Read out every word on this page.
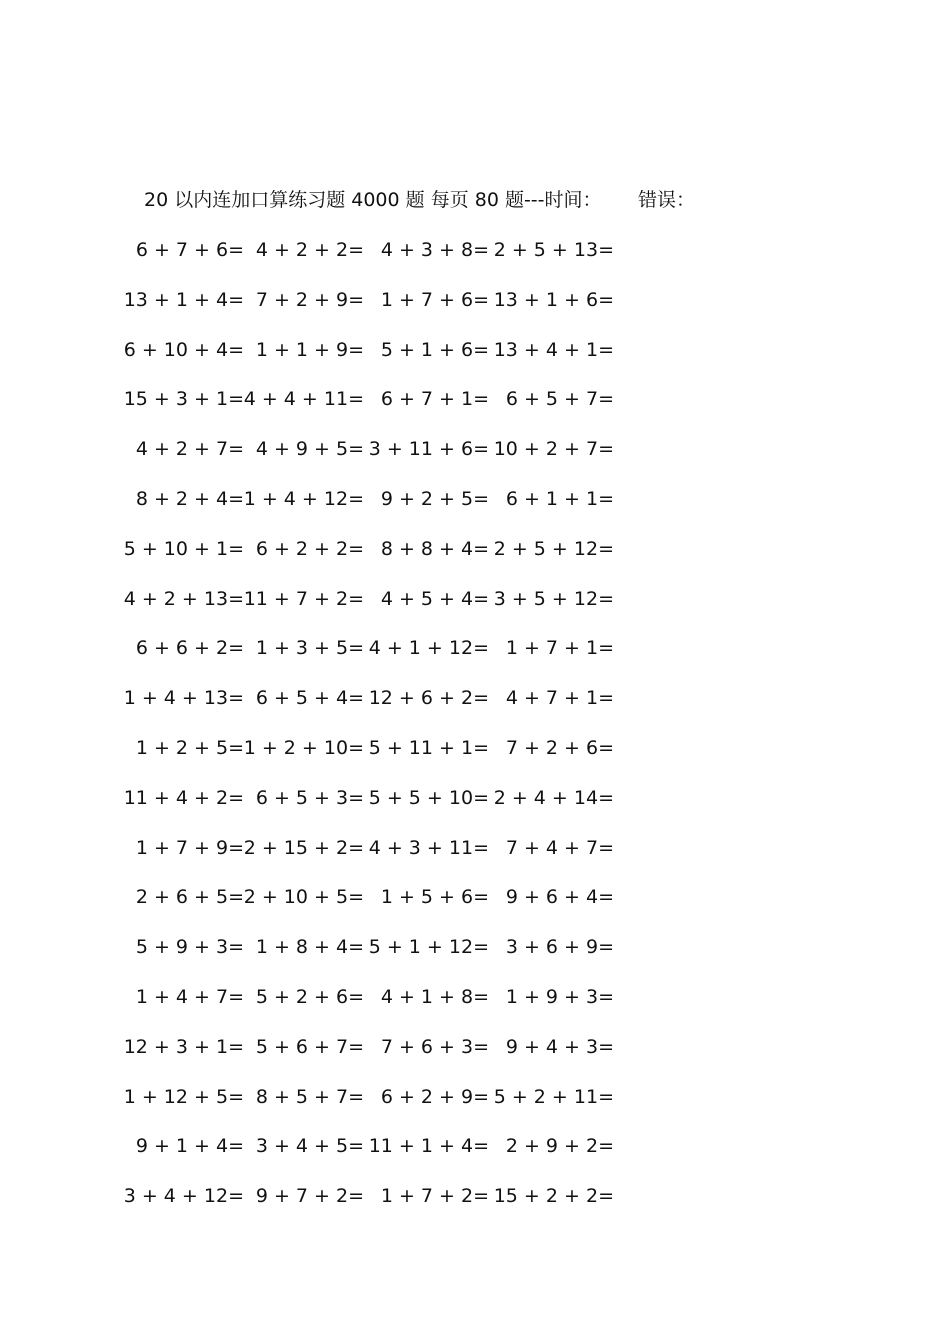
20 以内连加口算练习题 4000 题 每页 80 题---时间： 错误：
6 + 7 + 6= 4 + 2 + 2= 4 + 3 + 8= 2 + 5 + 13=
13 + 1 + 4= 7 + 2 + 9= 1 + 7 + 6= 13 + 1 + 6=
6 + 10 + 4= 1 + 1 + 9= 5 + 1 + 6= 13 + 4 + 1=
15 + 3 + 1= 4 + 4 + 11= 6 + 7 + 1= 6 + 5 + 7=
4 + 2 + 7= 4 + 9 + 5= 3 + 11 + 6= 10 + 2 + 7=
8 + 2 + 4= 1 + 4 + 12= 9 + 2 + 5= 6 + 1 + 1=
5 + 10 + 1= 6 + 2 + 2= 8 + 8 + 4= 2 + 5 + 12=
4 + 2 + 13= 11 + 7 + 2= 4 + 5 + 4= 3 + 5 + 12=
6 + 6 + 2= 1 + 3 + 5= 4 + 1 + 12= 1 + 7 + 1=
1 + 4 + 13= 6 + 5 + 4= 12 + 6 + 2= 4 + 7 + 1=
1 + 2 + 5= 1 + 2 + 10= 5 + 11 + 1= 7 + 2 + 6=
11 + 4 + 2= 6 + 5 + 3= 5 + 5 + 10= 2 + 4 + 14=
1 + 7 + 9= 2 + 15 + 2= 4 + 3 + 11= 7 + 4 + 7=
2 + 6 + 5= 2 + 10 + 5= 1 + 5 + 6= 9 + 6 + 4=
5 + 9 + 3= 1 + 8 + 4= 5 + 1 + 12= 3 + 6 + 9=
1 + 4 + 7= 5 + 2 + 6= 4 + 1 + 8= 1 + 9 + 3=
12 + 3 + 1= 5 + 6 + 7= 7 + 6 + 3= 9 + 4 + 3=
1 + 12 + 5= 8 + 5 + 7= 6 + 2 + 9= 5 + 2 + 11=
9 + 1 + 4= 3 + 4 + 5= 11 + 1 + 4= 2 + 9 + 2=
3 + 4 + 12= 9 + 7 + 2= 1 + 7 + 2= 15 + 2 + 2=
